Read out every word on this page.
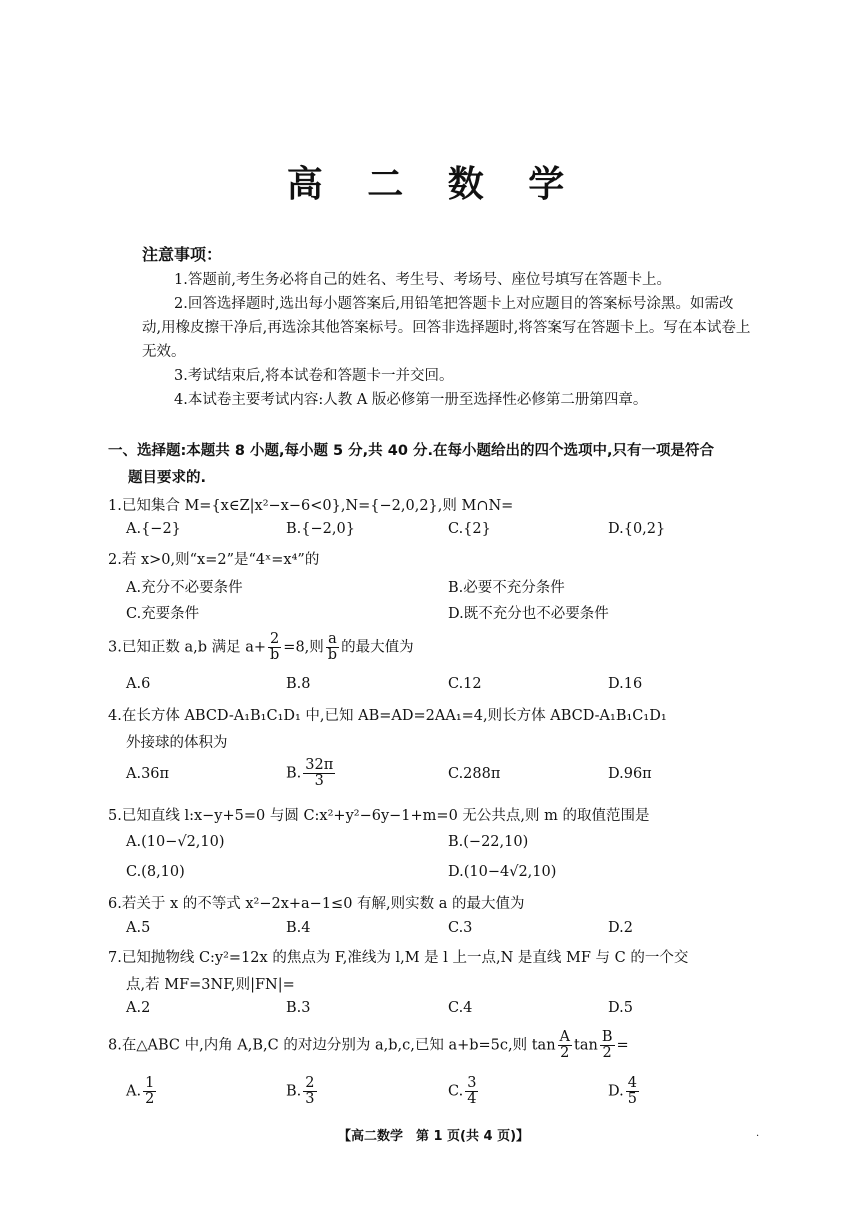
高 二 数 学
注意事项：

1.答题前,考生务必将自己的姓名、考生号、考场号、座位号填写在答题卡上。

2.回答选择题时,选出每小题答案后,用铅笔把答题卡上对应题目的答案标号涂黑。如需改动,用橡皮擦干净后,再选涂其他答案标号。回答非选择题时,将答案写在答题卡上。写在本试卷上无效。

3.考试结束后,将本试卷和答题卡一并交回。

4.本试卷主要考试内容:人教 A 版必修第一册至选择性必修第二册第四章。

一、选择题:本题共 8 小题,每小题 5 分,共 40 分.在每小题给出的四个选项中,只有一项是符合
题目要求的.
1.已知集合 M={x∈Z|x²−x−6<0},N={−2,0,2},则 M∩N=
A.{−2}	B.{−2,0}	C.{2}	D.{0,2}
2.若 x>0,则“x=2”是“4ˣ=x⁴”的
A.充分不必要条件	B.必要不充分条件
C.充要条件	D.既不充分也不必要条件
3.已知正数 a,b 满足 $a+ \frac{2}{b} =8$,则 $\frac{a}{b}$ 的最大值为
A.6	B.8	C.12	D.16
4.在长方体 ABCD-A₁B₁C₁D₁ 中,已知 AB=AD=2AA₁=4,则长方体 ABCD-A₁B₁C₁D₁
外接球的体积为
A.36π	B. $\frac{32\pi}{3}$	C.288π	D.96π
5.已知直线 l:x−y+5=0 与圆 C:x²+y²−6y−1+m=0 无公共点,则 m 的取值范围是
A.(10−√2,10)	B.(−22,10)
C.(8,10)	D.(10−4√2,10)
6.若关于 x 的不等式 x²−2x+a−1≤0 有解,则实数 a 的最大值为
A.5	B.4	C.3	D.2
7.已知抛物线 C:y²=12x 的焦点为 F,准线为 l,M 是 l 上一点,N 是直线 MF 与 C 的一个交
点,若 MF=3NF,则|FN|=
A.2	B.3	C.4	D.5
8.在△ABC 中,内角 A,B,C 的对边分别为 a,b,c,已知 a+b=5c,则 $\tan \frac{A}{2}$ $\tan \frac{B}{2}$ =
A. $\frac{1}{2}$	B. $\frac{2}{3}$	C. $\frac{3}{4}$	D. $\frac{4}{5}$
【高二数学　第 1 页(共 4 页)】	.
